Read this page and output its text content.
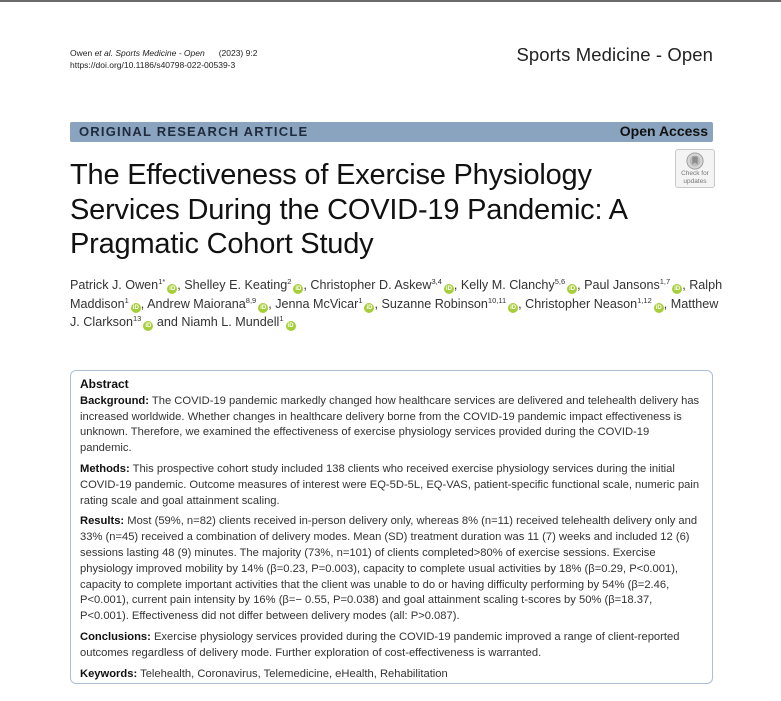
Owen et al. Sports Medicine - Open (2023) 9:2
https://doi.org/10.1186/s40798-022-00539-3	Sports Medicine - Open
ORIGINAL RESEARCH ARTICLE	Open Access
Check for
updates
The Effectiveness of Exercise Physiology Services During the COVID-19 Pandemic: A Pragmatic Cohort Study
Patrick J. Owen$^{1*}$iD , Shelley E. Keating$^2$iD , Christopher D. Askew$^{3,4}$iD , Kelly M. Clanchy$^{5,6}$iD , Paul Jansons$^{1,7}$iD , Ralph Maddison$^1$iD , Andrew Maiorana$^{8,9}$iD , Jenna McVicar$^1$iD , Suzanne Robinson$^{10,11}$iD , Christopher Neason$^{1,12}$iD , Matthew J. Clarkson$^{13}$iD and Niamh L. Mundell$^1$iD
Abstract

Background: The COVID-19 pandemic markedly changed how healthcare services are delivered and telehealth delivery has increased worldwide. Whether changes in healthcare delivery borne from the COVID-19 pandemic impact effectiveness is unknown. Therefore, we examined the effectiveness of exercise physiology services provided during the COVID-19 pandemic.

Methods: This prospective cohort study included 138 clients who received exercise physiology services during the initial COVID-19 pandemic. Outcome measures of interest were EQ-5D-5L, EQ-VAS, patient-specific functional scale, numeric pain rating scale and goal attainment scaling.

Results: Most (59%, n=82) clients received in-person delivery only, whereas 8% (n=11) received telehealth delivery only and 33% (n=45) received a combination of delivery modes. Mean (SD) treatment duration was 11 (7) weeks and included 12 (6) sessions lasting 48 (9) minutes. The majority (73%, n=101) of clients completed>80% of exercise sessions. Exercise physiology improved mobility by 14% (β=0.23, P=0.003), capacity to complete usual activities by 18% (β=0.29, P<0.001), capacity to complete important activities that the client was unable to do or having difficulty performing by 54% (β=2.46, P<0.001), current pain intensity by 16% (β=− 0.55, P=0.038) and goal attainment scaling t-scores by 50% (β=18.37, P<0.001). Effectiveness did not differ between delivery modes (all: P>0.087).

Conclusions: Exercise physiology services provided during the COVID-19 pandemic improved a range of client-reported outcomes regardless of delivery mode. Further exploration of cost-effectiveness is warranted.

Keywords: Telehealth, Coronavirus, Telemedicine, eHealth, Rehabilitation
